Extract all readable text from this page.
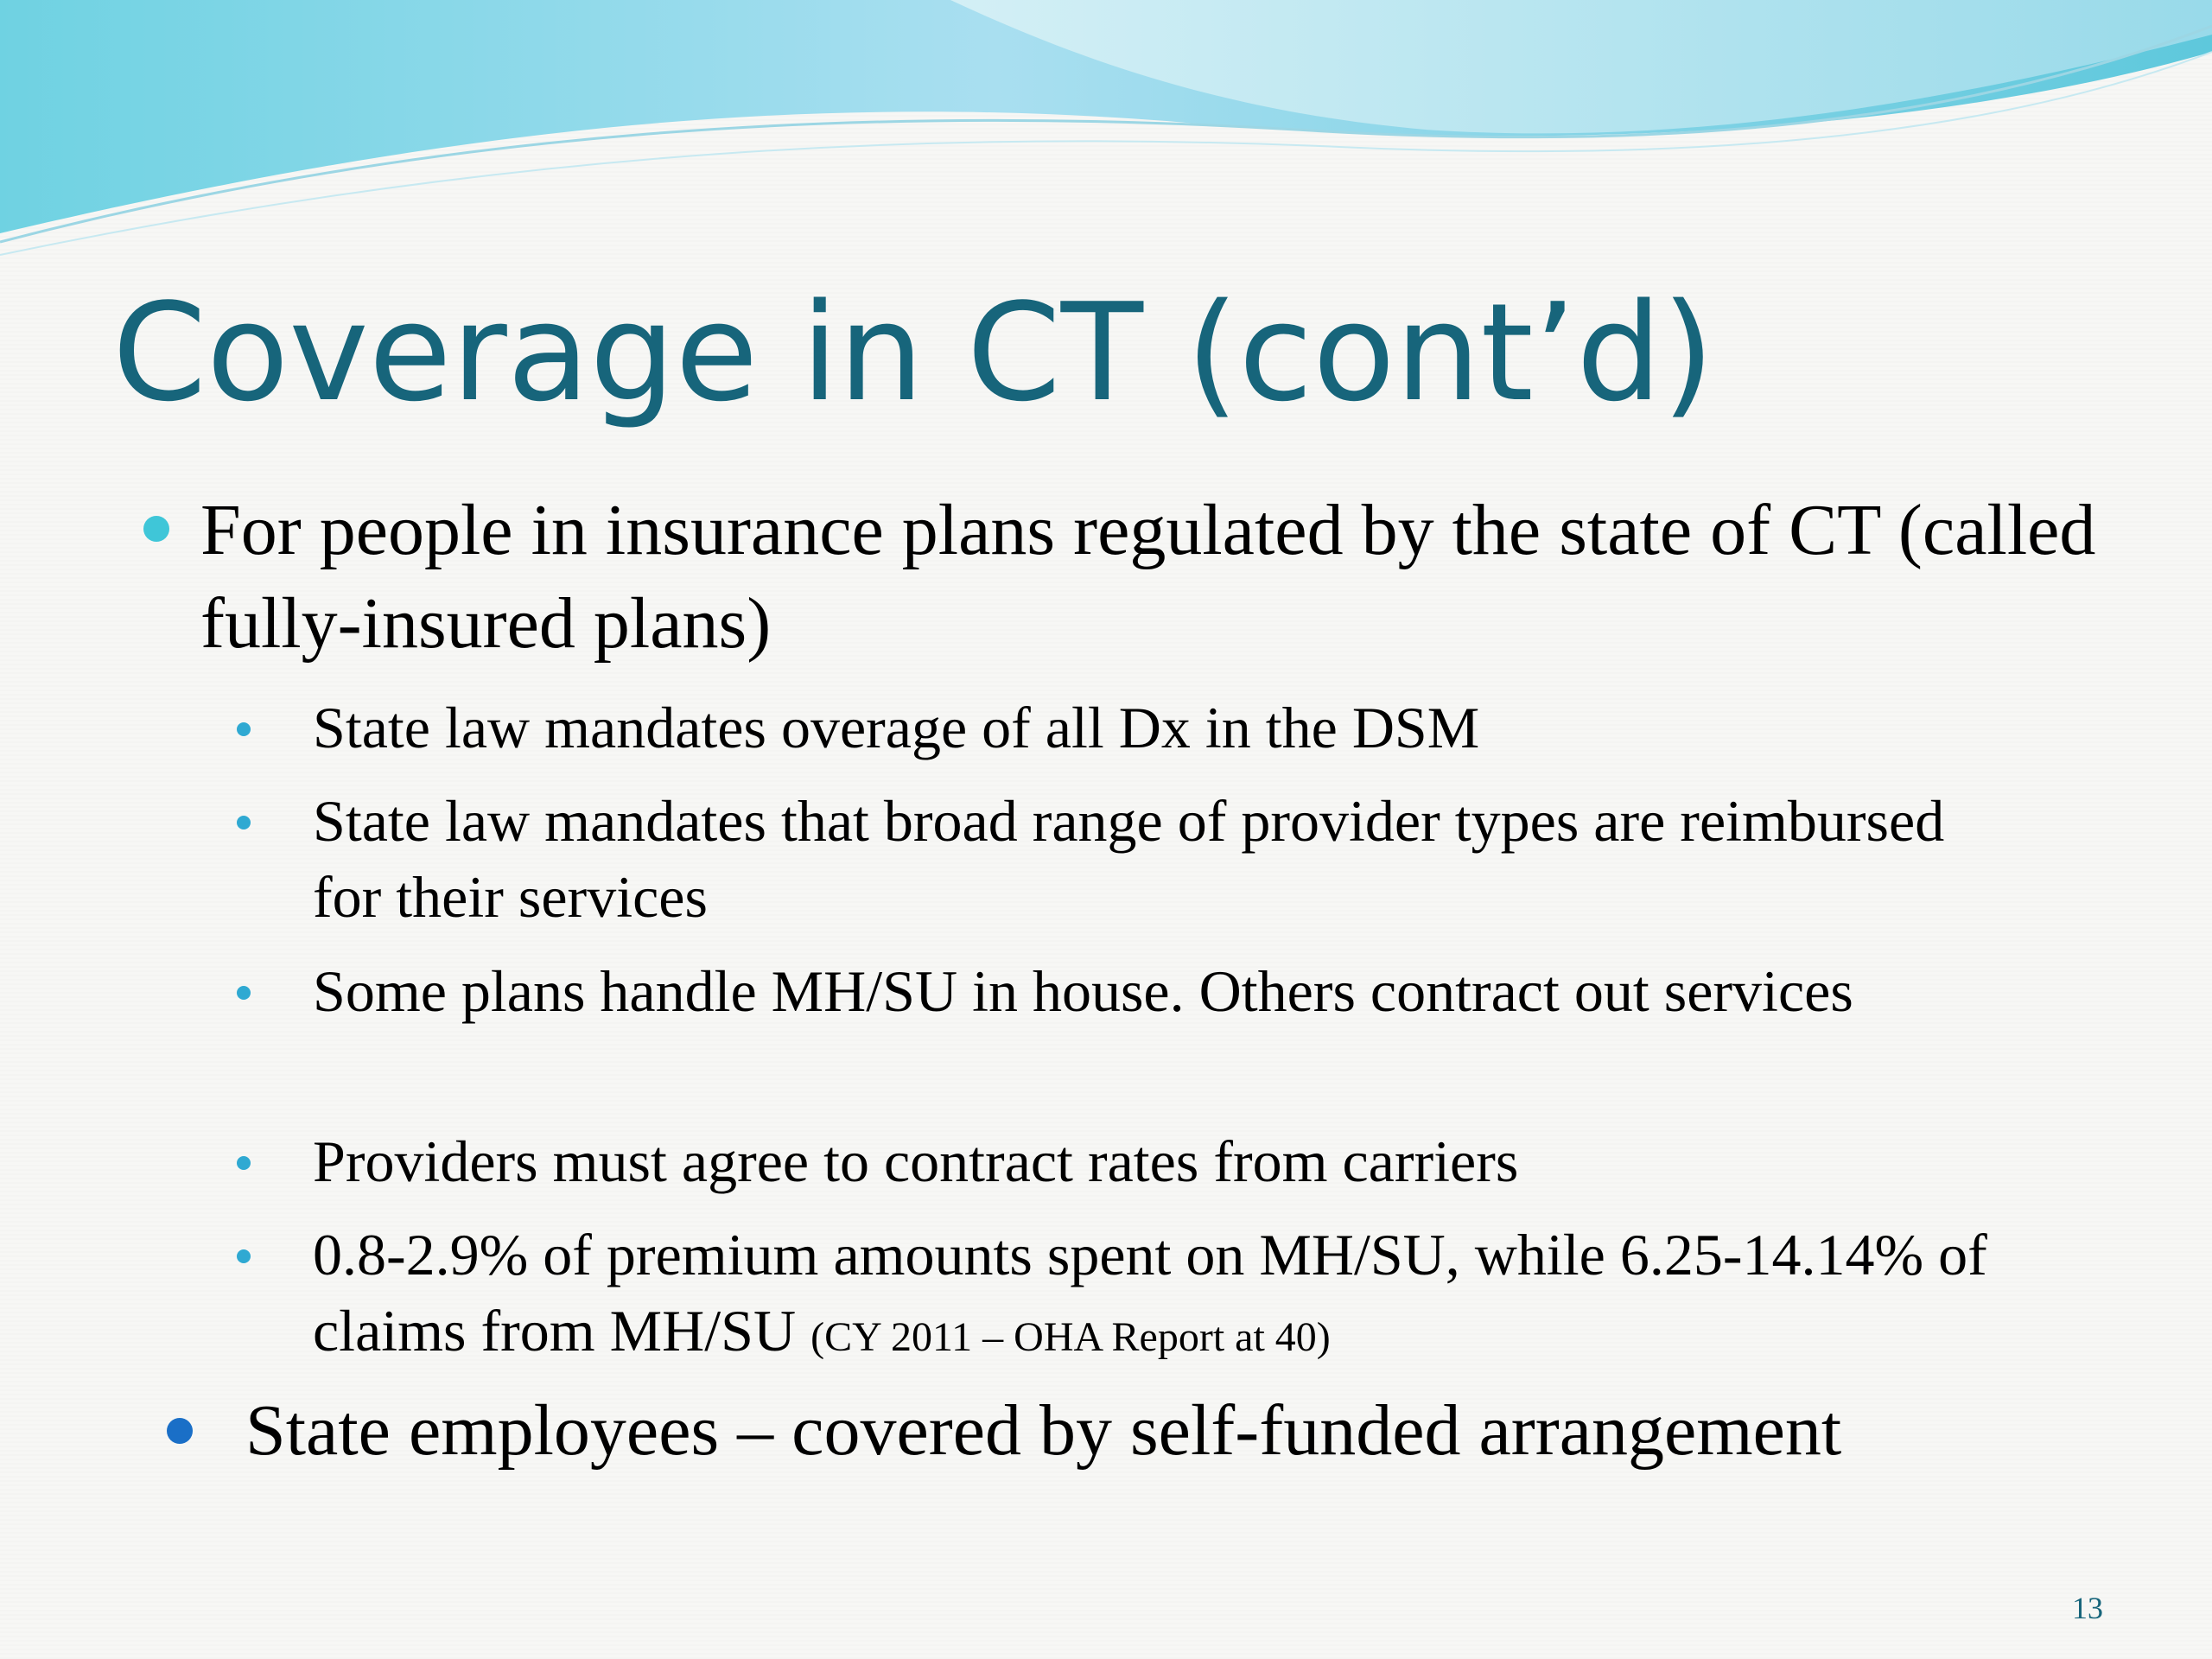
Coverage in CT (cont’d)
For people in insurance plans regulated by the state of CT (called fully-insured plans)
State law mandates overage of all Dx in the DSM
State law mandates that broad range of provider types are reimbursed for their services
Some plans handle MH/SU in house. Others contract out services
Providers must agree to contract rates from carriers
0.8-2.9% of premium amounts spent on MH/SU, while 6.25-14.14% of claims from MH/SU (CY 2011 – OHA Report at 40)
State employees – covered by self-funded arrangement
13
